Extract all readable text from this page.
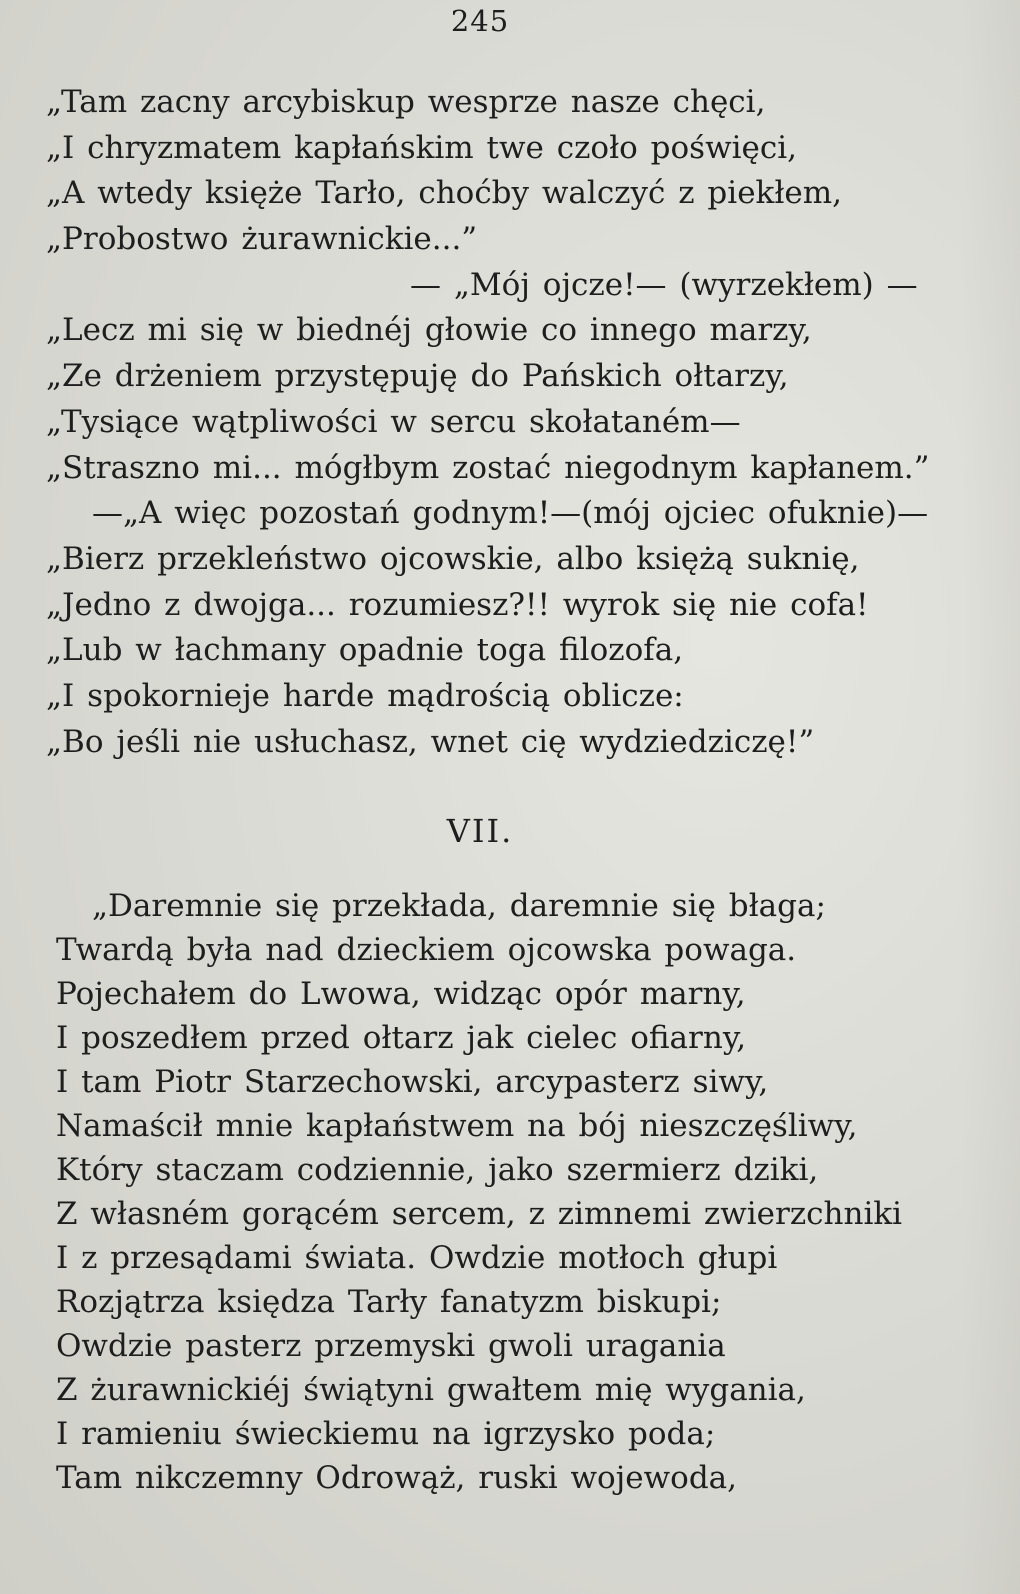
245
„Tam zacny arcybiskup wesprze nasze chęci,
„I chryzmatem kapłańskim twe czoło poświęci,
„A wtedy księże Tarło, choćby walczyć z piekłem,
„Probostwo żurawnickie...”
— „Mój ojcze!— (wyrzekłem) —
„Lecz mi się w biednéj głowie co innego marzy,
„Ze drżeniem przystępuję do Pańskich ołtarzy,
„Tysiące wątpliwości w sercu skołataném—
„Straszno mi... mógłbym zostać niegodnym kapłanem.”
—„A więc pozostań godnym!—(mój ojciec ofuknie)—
„Bierz przekleństwo ojcowskie, albo księżą suknię,
„Jedno z dwojga... rozumiesz?!! wyrok się nie cofa!
„Lub w łachmany opadnie toga filozofa,
„I spokornieje harde mądrością oblicze:
„Bo jeśli nie usłuchasz, wnet cię wydziedziczę!”
VII.
„Daremnie się przekłada, daremnie się błaga;
Twardą była nad dzieckiem ojcowska powaga.
Pojechałem do Lwowa, widząc opór marny,
I poszedłem przed ołtarz jak cielec ofiarny,
I tam Piotr Starzechowski, arcypasterz siwy,
Namaścił mnie kapłaństwem na bój nieszczęśliwy,
Który staczam codziennie, jako szermierz dziki,
Z własném gorącém sercem, z zimnemi zwierzchniki
I z przesądami świata. Owdzie motłoch głupi
Rozjątrza księdza Tarły fanatyzm biskupi;
Owdzie pasterz przemyski gwoli uragania
Z żurawnickiéj świątyni gwałtem mię wygania,
I ramieniu świeckiemu na igrzysko poda;
Tam nikczemny Odrowąż, ruski wojewoda,
